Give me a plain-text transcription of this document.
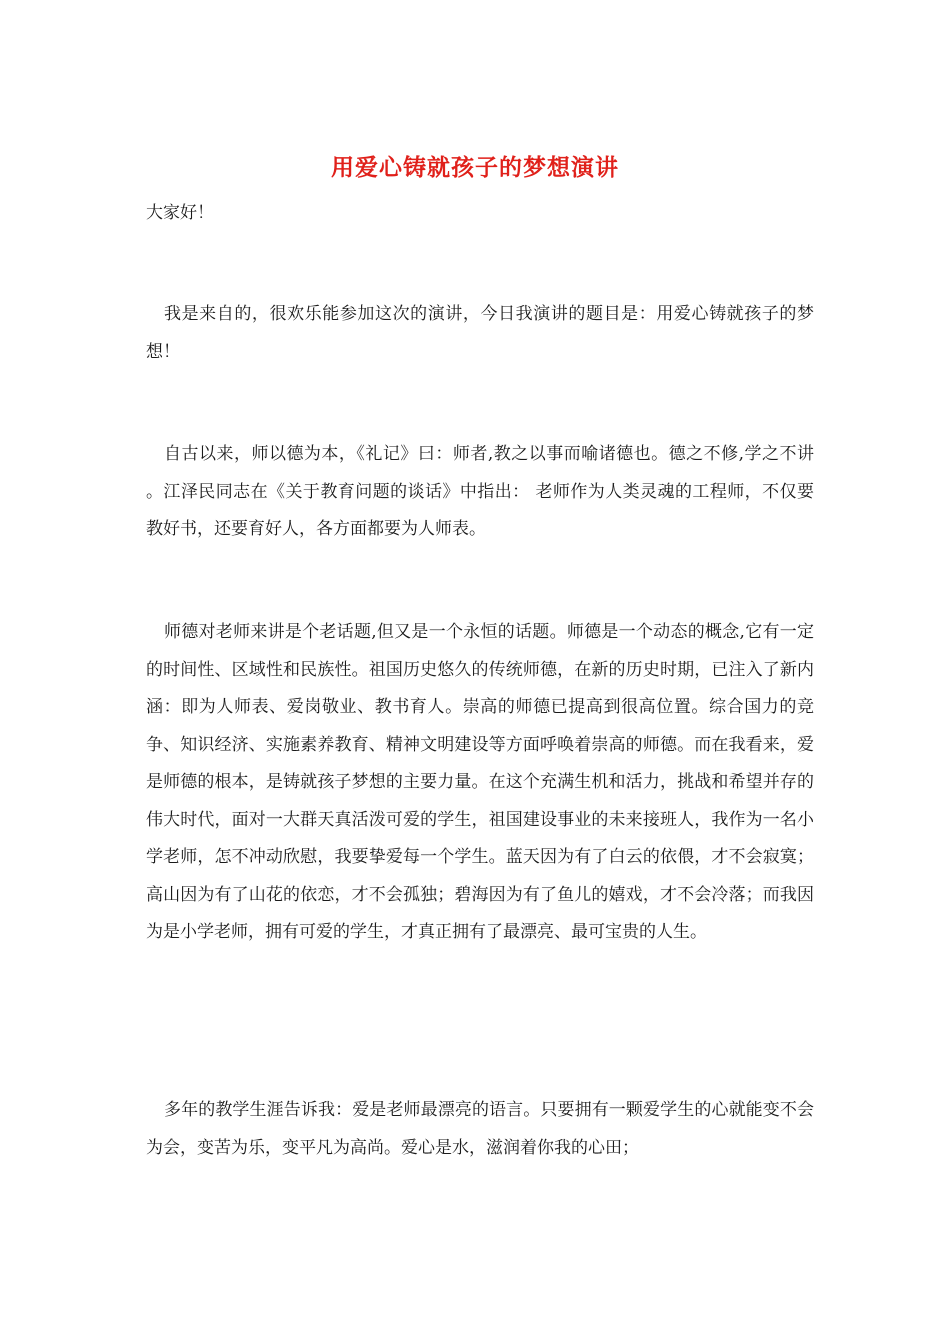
用爱心铸就孩子的梦想演讲
大家好！

我是来自的，很欢乐能参加这次的演讲，今日我演讲的题目是：用爱心铸就孩子的梦想！

自古以来，师以德为本，《礼记》曰：师者,教之以事而喻诸德也。德之不修,学之不讲 。江泽民同志在《关于教育问题的谈话》中指出： 老师作为人类灵魂的工程师，不仅要教好书，还要育好人，各方面都要为人师表。

师德对老师来讲是个老话题,但又是一个永恒的话题。师德是一个动态的概念,它有一定的时间性、区域性和民族性。祖国历史悠久的传统师德，在新的历史时期，已注入了新内涵：即为人师表、爱岗敬业、教书育人。崇高的师德已提高到很高位置。综合国力的竞争、知识经济、实施素养教育、精神文明建设等方面呼唤着崇高的师德。而在我看来，爱是师德的根本，是铸就孩子梦想的主要力量。在这个充满生机和活力，挑战和希望并存的伟大时代，面对一大群天真活泼可爱的学生，祖国建设事业的未来接班人，我作为一名小学老师，怎不冲动欣慰，我要挚爱每一个学生。蓝天因为有了白云的依偎，才不会寂寞；高山因为有了山花的依恋，才不会孤独；碧海因为有了鱼儿的嬉戏，才不会冷落；而我因为是小学老师，拥有可爱的学生，才真正拥有了最漂亮、最可宝贵的人生。

多年的教学生涯告诉我：爱是老师最漂亮的语言。只要拥有一颗爱学生的心就能变不会为会，变苦为乐，变平凡为高尚。爱心是水，滋润着你我的心田；
